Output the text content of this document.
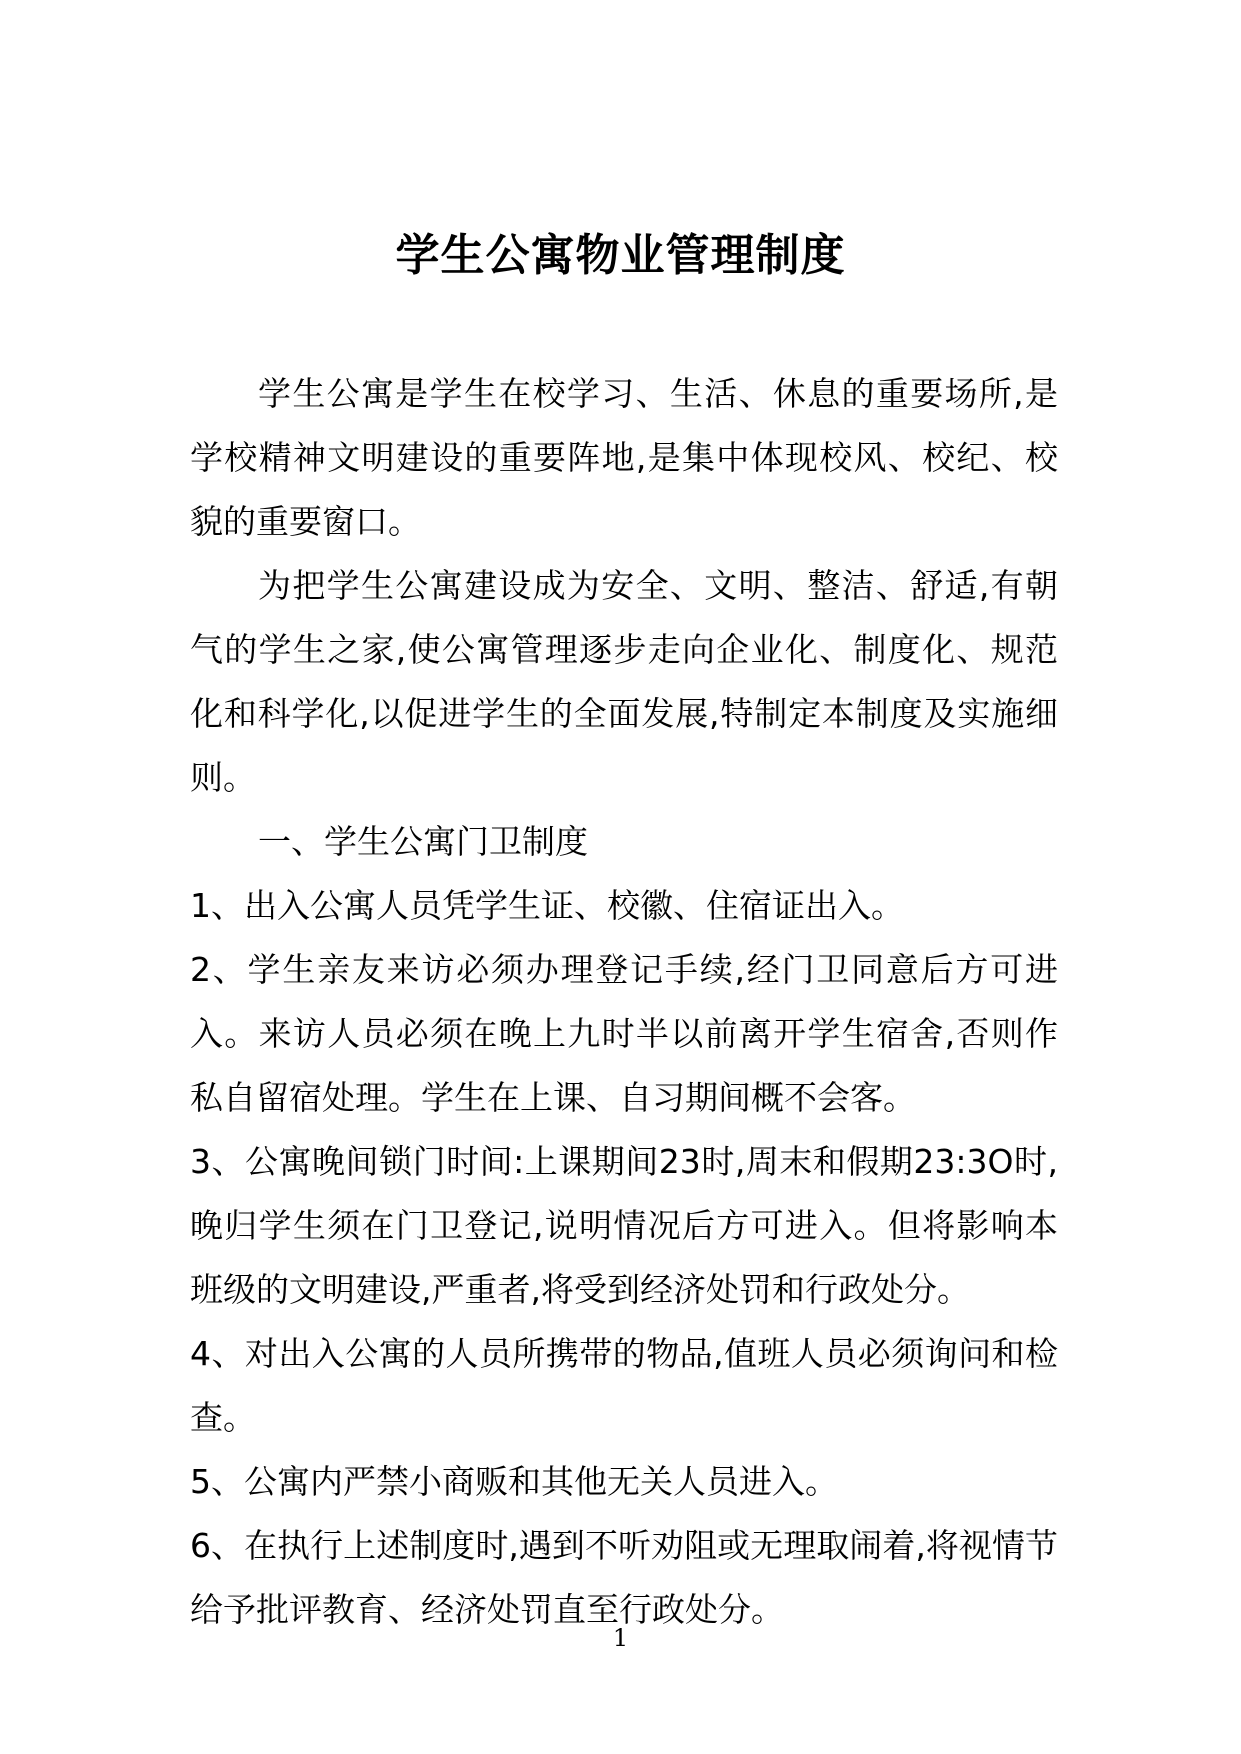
学生公寓物业管理制度

学生公寓是学生在校学习、生活、休息的重要场所,是学校精神文明建设的重要阵地,是集中体现校风、校纪、校貌的重要窗口。

为把学生公寓建设成为安全、文明、整洁、舒适,有朝气的学生之家,使公寓管理逐步走向企业化、制度化、规范化和科学化,以促进学生的全面发展,特制定本制度及实施细则。

一、学生公寓门卫制度

1、出入公寓人员凭学生证、校徽、住宿证出入。

2、学生亲友来访必须办理登记手续,经门卫同意后方可进入。来访人员必须在晚上九时半以前离开学生宿舍,否则作私自留宿处理。学生在上课、自习期间概不会客。

3、公寓晚间锁门时间:上课期间23时,周末和假期23:3O时,晚归学生须在门卫登记,说明情况后方可进入。但将影响本班级的文明建设,严重者,将受到经济处罚和行政处分。

4、对出入公寓的人员所携带的物品,值班人员必须询问和检查。

5、公寓内严禁小商贩和其他无关人员进入。

6、在执行上述制度时,遇到不听劝阻或无理取闹着,将视情节给予批评教育、经济处罚直至行政处分。

1
